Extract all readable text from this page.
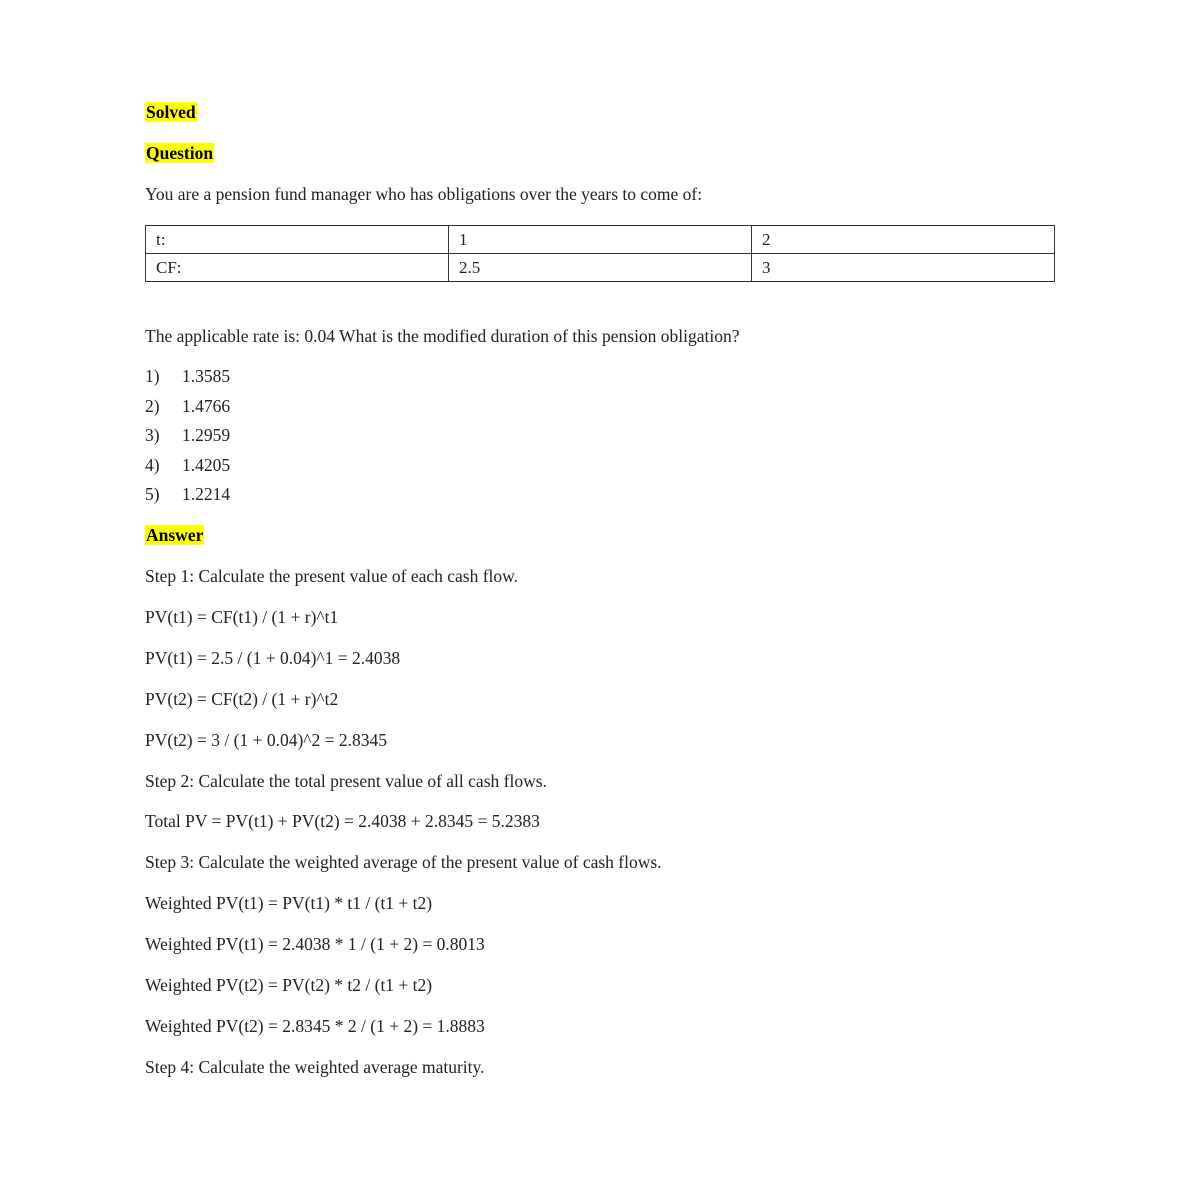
Solved
Question
You are a pension fund manager who has obligations over the years to come of:
t:	1	2
CF:	2.5	3
The applicable rate is: 0.04 What is the modified duration of this pension obligation?
1) 1.3585
2) 1.4766
3) 1.2959
4) 1.4205
5) 1.2214
Answer
Step 1: Calculate the present value of each cash flow.
PV(t1) = CF(t1) / (1 + r)^t1
PV(t1) = 2.5 / (1 + 0.04)^1 = 2.4038
PV(t2) = CF(t2) / (1 + r)^t2
PV(t2) = 3 / (1 + 0.04)^2 = 2.8345
Step 2: Calculate the total present value of all cash flows.
Total PV = PV(t1) + PV(t2) = 2.4038 + 2.8345 = 5.2383
Step 3: Calculate the weighted average of the present value of cash flows.
Weighted PV(t1) = PV(t1) * t1 / (t1 + t2)
Weighted PV(t1) = 2.4038 * 1 / (1 + 2) = 0.8013
Weighted PV(t2) = PV(t2) * t2 / (t1 + t2)
Weighted PV(t2) = 2.8345 * 2 / (1 + 2) = 1.8883
Step 4: Calculate the weighted average maturity.
